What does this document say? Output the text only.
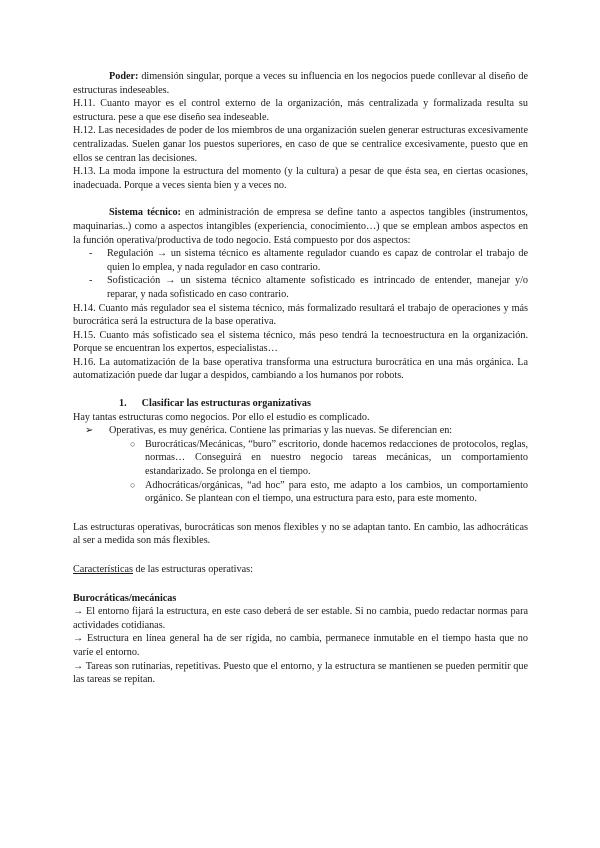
Poder: dimensión singular, porque a veces su influencia en los negocios puede conllevar al diseño de estructuras indeseables.

H.11. Cuanto mayor es el control externo de la organización, más centralizada y formalizada resulta su estructura. pese a que ese diseño sea indeseable.

H.12. Las necesidades de poder de los miembros de una organización suelen generar estructuras excesivamente centralizadas. Suelen ganar los puestos superiores, en caso de que se centralice excesivamente, puesto que en ellos se centran las decisiones.

H.13. La moda impone la estructura del momento (y la cultura) a pesar de que ésta sea, en ciertas ocasiones, inadecuada. Porque a veces sienta bien y a veces no.

Sistema técnico: en administración de empresa se define tanto a aspectos tangibles (instrumentos, maquinarias..) como a aspectos intangibles (experiencia, conocimiento…) que se emplean ambos aspectos en la función operativa/productiva de todo negocio. Está compuesto por dos aspectos:

- Regulación → un sistema técnico es altamente regulador cuando es capaz de controlar el trabajo de quien lo emplea, y nada regulador en caso contrario.
- Sofisticación → un sistema técnico altamente sofisticado es intrincado de entender, manejar y/o reparar, y nada sofisticado en caso contrario.

H.14. Cuanto más regulador sea el sistema técnico, más formalizado resultará el trabajo de operaciones y más burocrática será la estructura de la base operativa.

H.15. Cuanto más sofisticado sea el sistema técnico, más peso tendrá la tecnoestructura en la organización. Porque se encuentran los expertos, especialistas…

H.16. La automatización de la base operativa transforma una estructura burocrática en una más orgánica. La automatización puede dar lugar a despidos, cambiando a los humanos por robots.

1. Clasificar las estructuras organizativas

Hay tantas estructuras como negocios. Por ello el estudio es complicado.

➢ Operativas, es muy genérica. Contiene las primarias y las nuevas. Se diferencian en:

○ Burocráticas/Mecánicas, “buro” escritorio, donde hacemos redacciones de protocolos, reglas, normas… Conseguirá en nuestro negocio tareas mecánicas, un comportamiento estandarizado. Se prolonga en el tiempo.
○ Adhocráticas/orgánicas, “ad hoc” para esto, me adapto a los cambios, un comportamiento orgánico. Se plantean con el tiempo, una estructura para esto, para este momento.

Las estructuras operativas, burocráticas son menos flexibles y no se adaptan tanto. En cambio, las adhocráticas al ser a medida son más flexibles.

Características de las estructuras operativas:

Burocráticas/mecánicas

→ El entorno fijará la estructura, en este caso deberá de ser estable. Si no cambia, puedo redactar normas para actividades cotidianas.

→ Estructura en línea general ha de ser rígida, no cambia, permanece inmutable en el tiempo hasta que no varíe el entorno.

→ Tareas son rutinarias, repetitivas. Puesto que el entorno, y la estructura se mantienen se pueden permitir que las tareas se repitan.
